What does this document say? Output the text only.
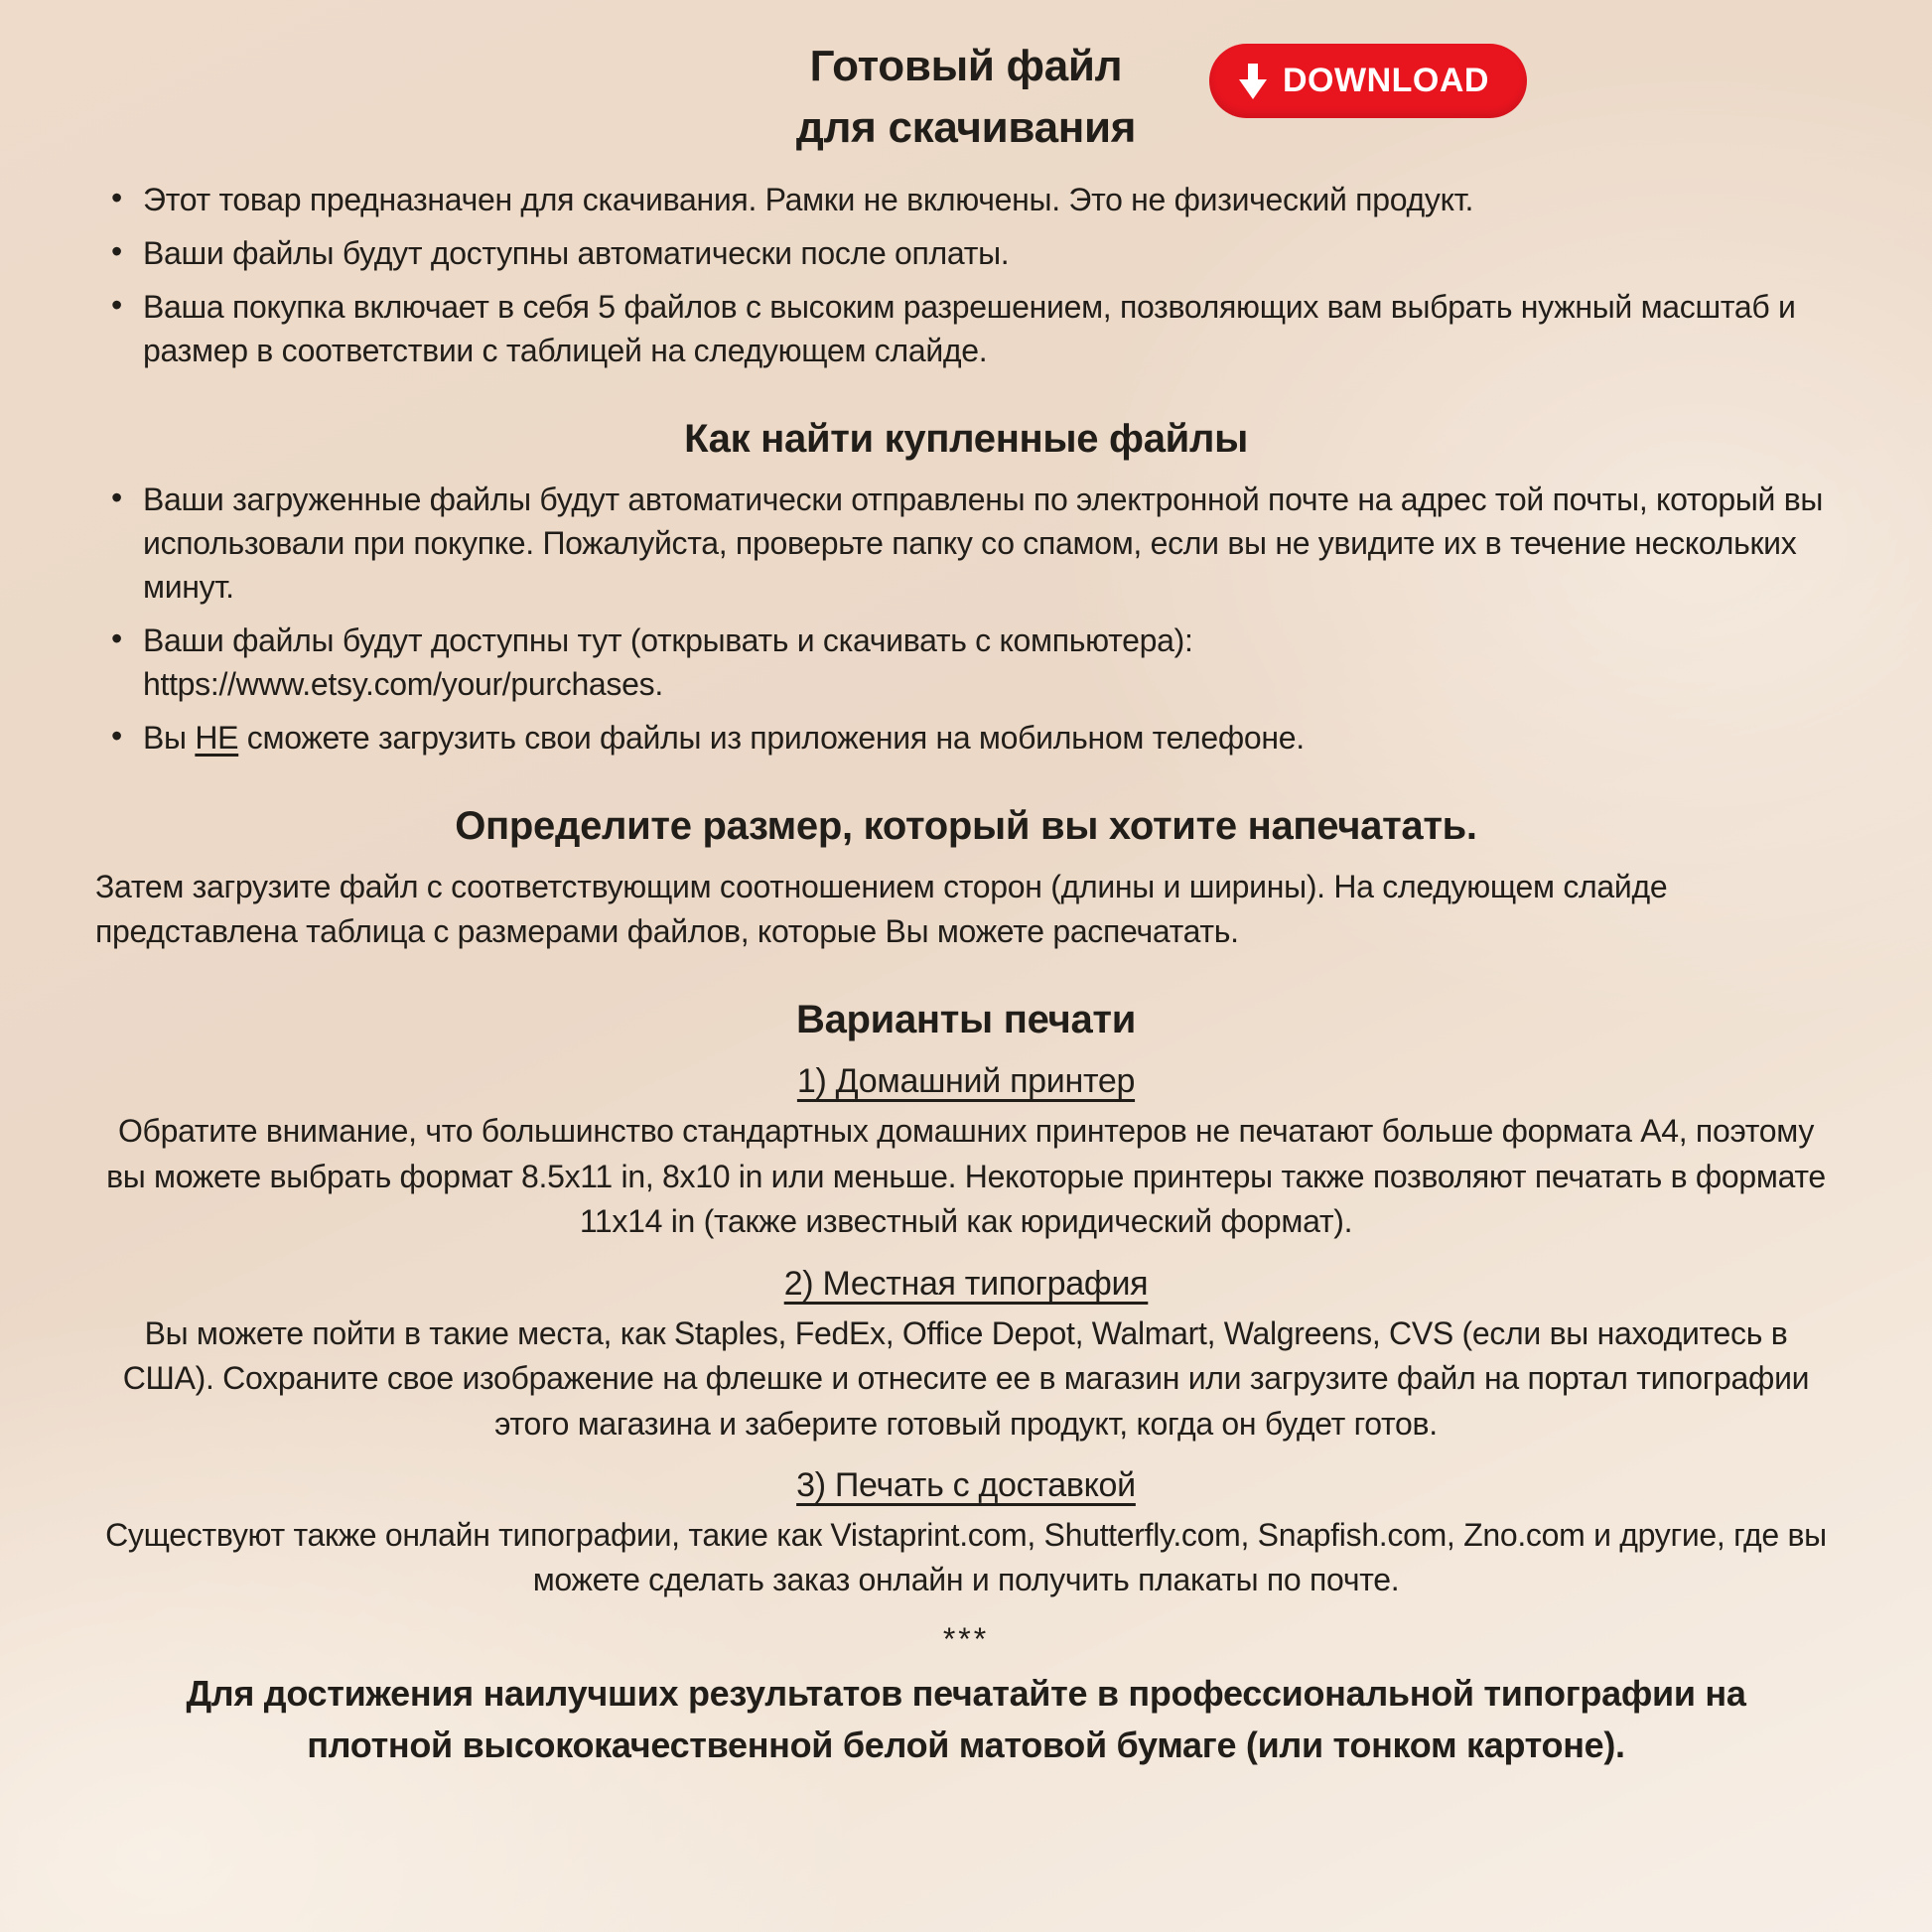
Готовый файл
для скачивания
DOWNLOAD
• Этот товар предназначен для скачивания. Рамки не включены. Это не физический продукт.
• Ваши файлы будут доступны автоматически после оплаты.
• Ваша покупка включает в себя 5 файлов с высоким разрешением, позволяющих вам выбрать нужный масштаб и размер в соответствии с таблицей на следующем слайде.
Как найти купленные файлы
• Ваши загруженные файлы будут автоматически отправлены по электронной почте на адрес той почты, который вы использовали при покупке. Пожалуйста, проверьте папку со спамом, если вы не увидите их в течение нескольких минут.
• Ваши файлы будут доступны тут (открывать и скачивать с компьютера):
https://www.etsy.com/your/purchases.
• Вы НЕ сможете загрузить свои файлы из приложения на мобильном телефоне.
Определите размер, который вы хотите напечатать.

Затем загрузите файл с соответствующим соотношением сторон (длины и ширины). На следующем слайде представлена таблица с размерами файлов, которые Вы можете распечатать.

Варианты печати
1) Домашний принтер

Обратите внимание, что большинство стандартных домашних принтеров не печатают больше формата А4, поэтому вы можете выбрать формат 8.5х11 in, 8х10 in или меньше. Некоторые принтеры также позволяют печатать в формате 11х14 in (также известный как юридический формат).

2) Местная типография

Вы можете пойти в такие места, как Staples, FedEx, Office Depot, Walmart, Walgreens, CVS (если вы находитесь в США). Сохраните свое изображение на флешке и отнесите ее в магазин или загрузите файл на портал типографии этого магазина и заберите готовый продукт, когда он будет готов.

3) Печать с доставкой

Существуют также онлайн типографии, такие как Vistaprint.com, Shutterfly.com, Snapfish.com, Zno.com и другие, где вы можете сделать заказ онлайн и получить плакаты по почте.

***

Для достижения наилучших результатов печатайте в профессиональной типографии на плотной высококачественной белой матовой бумаге (или тонком картоне).
